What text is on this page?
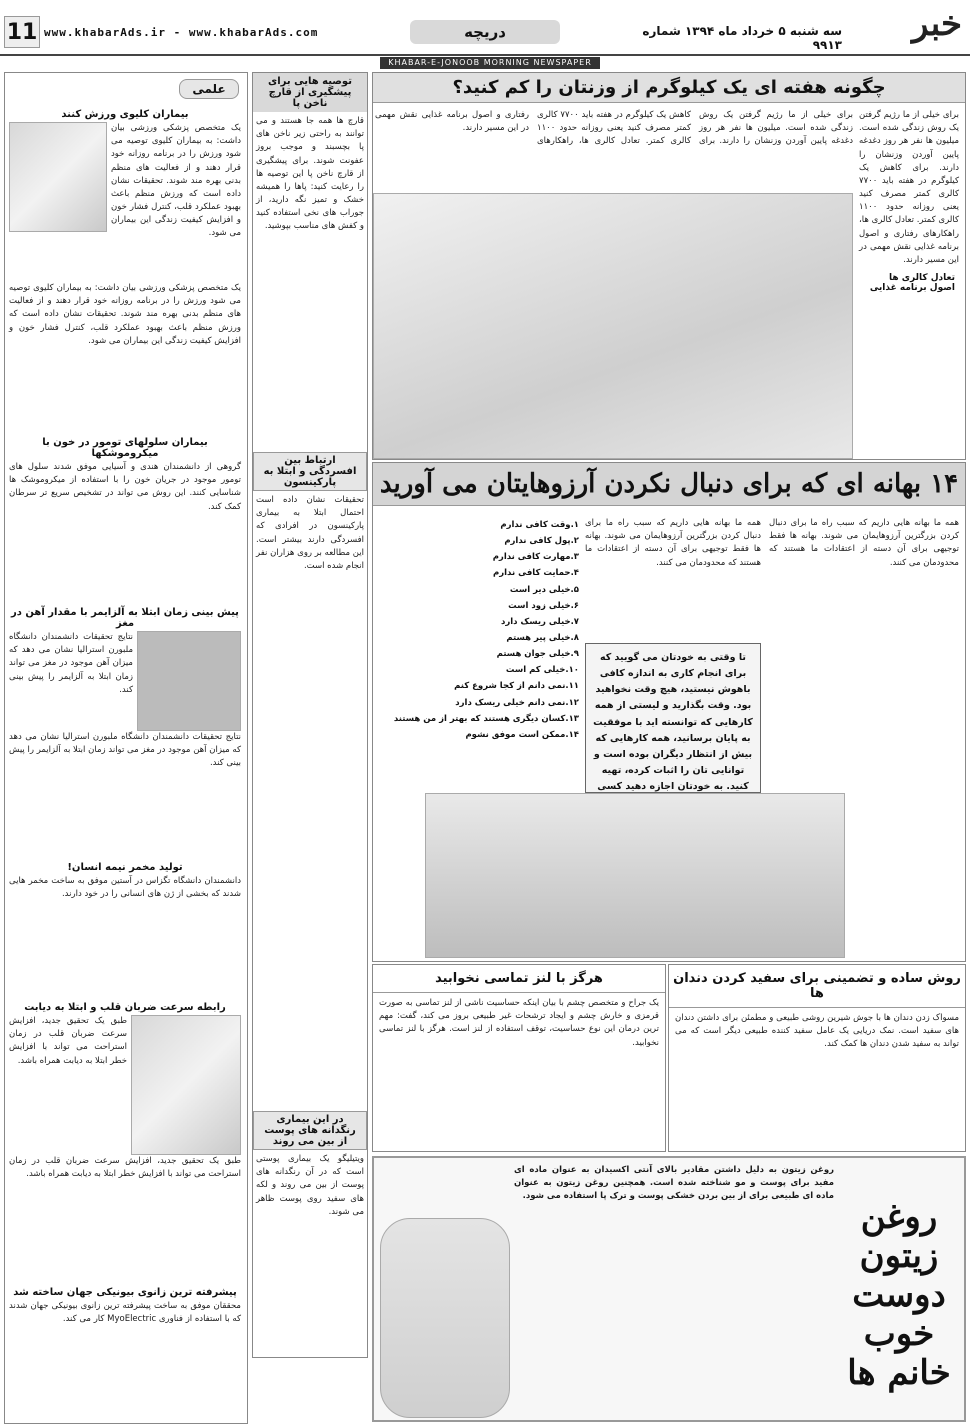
خبر
سه شنبه ۵ خرداد ماه ۱۳۹۴ شماره ۹۹۱۳
دریچه
www.khabarAds.ir - www.khabarAds.com
11
KHABAR-E-JONOOB MORNING NEWSPAPER
علمی
بیماران کلیوی ورزش کنند
یک متخصص پزشکی ورزشی بیان داشت: به بیماران کلیوی توصیه می شود ورزش را در برنامه روزانه خود قرار دهند و از فعالیت های منظم بدنی بهره مند شوند. تحقیقات نشان داده است که ورزش منظم باعث بهبود عملکرد قلب، کنترل فشار خون و افزایش کیفیت زندگی این بیماران می شود.
یک متخصص پزشکی ورزشی بیان داشت: به بیماران کلیوی توصیه می شود ورزش را در برنامه روزانه خود قرار دهند و از فعالیت های منظم بدنی بهره مند شوند. تحقیقات نشان داده است که ورزش منظم باعث بهبود عملکرد قلب، کنترل فشار خون و افزایش کیفیت زندگی این بیماران می شود.
بیماران سلولهای تومور در خون با میکروموشکها
گروهی از دانشمندان هندی و آسیایی موفق شدند سلول های تومور موجود در جریان خون را با استفاده از میکروموشک ها شناسایی کنند. این روش می تواند در تشخیص سریع تر سرطان کمک کند.
پیش بینی زمان ابتلا به آلزایمر با مقدار آهن در مغز
نتایج تحقیقات دانشمندان دانشگاه ملبورن استرالیا نشان می دهد که میزان آهن موجود در مغز می تواند زمان ابتلا به آلزایمر را پیش بینی کند.
نتایج تحقیقات دانشمندان دانشگاه ملبورن استرالیا نشان می دهد که میزان آهن موجود در مغز می تواند زمان ابتلا به آلزایمر را پیش بینی کند.
تولید مخمر نیمه انسان!
دانشمندان دانشگاه تگزاس در آستین موفق به ساخت مخمر هایی شدند که بخشی از ژن های انسانی را در خود دارند.
رابطه سرعت ضربان قلب و ابتلا به دیابت
طبق یک تحقیق جدید، افزایش سرعت ضربان قلب در زمان استراحت می تواند با افزایش خطر ابتلا به دیابت همراه باشد.
طبق یک تحقیق جدید، افزایش سرعت ضربان قلب در زمان استراحت می تواند با افزایش خطر ابتلا به دیابت همراه باشد.
پیشرفته ترین زانوی بیونیکی جهان ساخته شد
محققان موفق به ساخت پیشرفته ترین زانوی بیونیکی جهان شدند که با استفاده از فناوری MyoElectric کار می کند.
توصیه هایی برای
پیشگیری از قارچ ناخن پا
قارچ ها همه جا هستند و می توانند به راحتی زیر ناخن های پا بچسبند و موجب بروز عفونت شوند. برای پیشگیری از قارچ ناخن پا این توصیه ها را رعایت کنید: پاها را همیشه خشک و تمیز نگه دارید، از جوراب های نخی استفاده کنید و کفش های مناسب بپوشید.
ارتباط بین افسردگی و ابتلا به پارکینسون
تحقیقات نشان داده است احتمال ابتلا به بیماری پارکینسون در افرادی که افسردگی دارند بیشتر است. این مطالعه بر روی هزاران نفر انجام شده است.
در این بیماری رنگدانه های پوست از بین می روند
ویتیلیگو یک بیماری پوستی است که در آن رنگدانه های پوست از بین می روند و لکه های سفید روی پوست ظاهر می شوند.
چگونه هفته ای یک کیلوگرم از وزنتان را کم کنید؟
برای خیلی از ما رژیم گرفتن یک روش زندگی شده است. میلیون ها نفر هر روز دغدغه پایین آوردن وزنشان را دارند. برای کاهش یک کیلوگرم در هفته باید ۷۷۰۰ کالری کمتر مصرف کنید یعنی روزانه حدود ۱۱۰۰ کالری کمتر. تعادل کالری ها، راهکارهای رفتاری و اصول برنامه غذایی نقش مهمی در این مسیر دارند.
برای خیلی از ما رژیم گرفتن یک روش زندگی شده است. میلیون ها نفر هر روز دغدغه پایین آوردن وزنشان را دارند. برای کاهش یک کیلوگرم در هفته باید ۷۷۰۰ کالری کمتر مصرف کنید یعنی روزانه حدود ۱۱۰۰ کالری کمتر. تعادل کالری ها، راهکارهای رفتاری و اصول برنامه غذایی نقش مهمی در این مسیر دارند.
تعادل کالری ها
اصول برنامه غذایی
۱۴ بهانه ای که برای دنبال نکردن آرزوهایتان می آورید
همه ما بهانه هایی داریم که سبب راه ما برای دنبال کردن بزرگترین آرزوهایمان می شوند. بهانه ها فقط توجیهی برای آن دسته از اعتقادات ما هستند که محدودمان می کنند.
همه ما بهانه هایی داریم که سبب راه ما برای دنبال کردن بزرگترین آرزوهایمان می شوند. بهانه ها فقط توجیهی برای آن دسته از اعتقادات ما هستند که محدودمان می کنند.
تا وقتی به خودتان می گویید که برای انجام کاری به اندازه کافی باهوش نیستید، هیچ وقت نخواهید بود. وقت بگذارید و لیستی از همه کارهایی که توانسته اید با موفقیت به پایان برسانید، همه کارهایی که بیش از انتظار دیگران بوده است و توانایی تان را اثبات کرده، تهیه کنید. به خودتان اجازه دهید کسی
۱.وقت کافی ندارم
۲.پول کافی ندارم
۳.مهارت کافی ندارم
۴.حمایت کافی ندارم
۵.خیلی دیر است
۶.خیلی زود است
۷.خیلی ریسک دارد
۸.خیلی پیر هستم
۹.خیلی جوان هستم
۱۰.خیلی کم است
۱۱.نمی دانم از کجا شروع کنم
۱۲.نمی دانم خیلی ریسک دارد
۱۳.کسان دیگری هستند که بهتر از من هستند
۱۴.ممکن است موفق نشوم
روش ساده و تضمینی برای سفید کردن دندان ها
مسواک زدن دندان ها با جوش شیرین روشی طبیعی و مطمئن برای داشتن دندان های سفید است. نمک دریایی یک عامل سفید کننده طبیعی دیگر است که می تواند به سفید شدن دندان ها کمک کند.
هرگز با لنز تماسی نخوابید
یک جراح و متخصص چشم با بیان اینکه حساسیت ناشی از لنز تماسی به صورت قرمزی و خارش چشم و ایجاد ترشحات غیر طبیعی بروز می کند، گفت: مهم ترین درمان این نوع حساسیت، توقف استفاده از لنز است. هرگز با لنز تماسی نخوابید.
روغن زیتون
دوست خوب
خانم ها
روغن زیتون به دلیل داشتن مقادیر بالای آنتی اکسیدان به عنوان ماده ای مفید برای پوست و مو شناخته شده است. همچنین روغن زیتون به عنوان ماده ای طبیعی برای از بین بردن خشکی پوست و ترک پا استفاده می شود.
